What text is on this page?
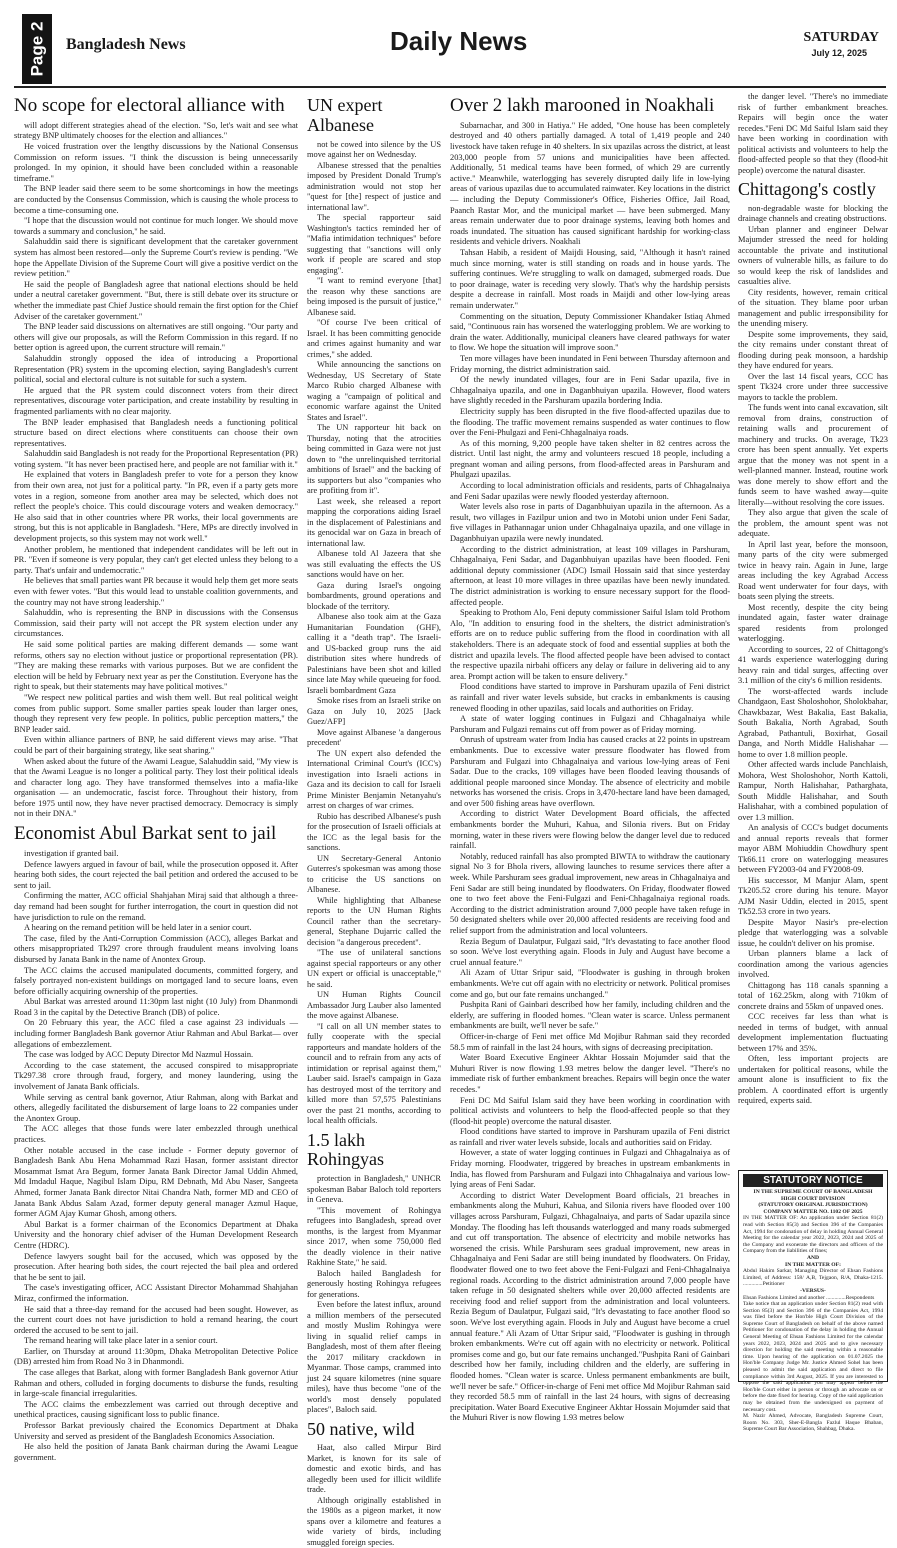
Page 2 Bangladesh News	Daily News	SATURDAY
July 12, 2025
No scope for electoral alliance with

will adopt different strategies ahead of the election. "So, let's wait and see what strategy BNP ultimately chooses for the election and alliances."

He voiced frustration over the lengthy discussions by the National Consensus Commission on reform issues. "I think the discussion is being unnecessarily prolonged. In my opinion, it should have been concluded within a reasonable timeframe."

The BNP leader said there seem to be some shortcomings in how the meetings are conducted by the Consensus Commission, which is causing the whole process to become a time-consuming one.

"I hope that the discussion would not continue for much longer. We should move towards a summary and conclusion," he said.

Salahuddin said there is significant development that the caretaker government system has almost been restored—only the Supreme Court's review is pending. "We hope the Appellate Division of the Supreme Court will give a positive verdict on the review petition."

He said the people of Bangladesh agree that national elections should be held under a neutral caretaker government. "But, there is still debate over its structure or whether the immediate past Chief Justice should remain the first option for the Chief Adviser of the caretaker government."

The BNP leader said discussions on alternatives are still ongoing. "Our party and others will give our proposals, as will the Reform Commission in this regard. If no better option is agreed upon, the current structure will remain."

Salahuddin strongly opposed the idea of introducing a Proportional Representation (PR) system in the upcoming election, saying Bangladesh's current political, social and electoral culture is not suitable for such a system.

He argued that the PR system could disconnect voters from their direct representatives, discourage voter participation, and create instability by resulting in fragmented parliaments with no clear majority.

The BNP leader emphasised that Bangladesh needs a functioning political structure based on direct elections where constituents can choose their own representatives.

Salahuddin said Bangladesh is not ready for the Proportional Representation (PR) voting system. "It has never been practised here, and people are not familiar with it."

He explained that voters in Bangladesh prefer to vote for a person they know from their own area, not just for a political party. "In PR, even if a party gets more votes in a region, someone from another area may be selected, which does not reflect the people's choice. This could discourage voters and weaken democracy." He also said that in other countries where PR works, their local governments are strong, but this is not applicable in Bangladesh. "Here, MPs are directly involved in development projects, so this system may not work well."

Another problem, he mentioned that independent candidates will be left out in PR. "Even if someone is very popular, they can't get elected unless they belong to a party. That's unfair and undemocratic."

He believes that small parties want PR because it would help them get more seats even with fewer votes. "But this would lead to unstable coalition governments, and the country may not have strong leadership."

Salahuddin, who is representing the BNP in discussions with the Consensus Commission, said their party will not accept the PR system election under any circumstances.

He said some political parties are making different demands — some want reforms, others say no election without justice or proportional representation (PR). "They are making these remarks with various purposes. But we are confident the election will be held by February next year as per the Constitution. Everyone has the right to speak, but their statements may have political motives."

"We respect new political parties and wish them well. But real political weight comes from public support. Some smaller parties speak louder than larger ones, though they represent very few people. In politics, public perception matters," the BNP leader said.

Even within alliance partners of BNP, he said different views may arise. "That could be part of their bargaining strategy, like seat sharing."

When asked about the future of the Awami League, Salahuddin said, "My view is that the Awami League is no longer a political party. They lost their political ideals and character long ago. They have transformed themselves into a mafia-like organisation — an undemocratic, fascist force. Throughout their history, from before 1975 until now, they have never practised democracy. Democracy is simply not in their DNA."

Economist Abul Barkat sent to jail

investigation if granted bail.

Defence lawyers argued in favour of bail, while the prosecution opposed it. After hearing both sides, the court rejected the bail petition and ordered the accused to be sent to jail.

Confirming the matter, ACC official Shahjahan Miraj said that although a three-day remand had been sought for further interrogation, the court in question did not have jurisdiction to rule on the remand.

A hearing on the remand petition will be held later in a senior court.

The case, filed by the Anti-Corruption Commission (ACC), alleges Barkat and others misappropriated Tk297 crore through fraudulent means involving loans disbursed by Janata Bank in the name of Anontex Group.

The ACC claims the accused manipulated documents, committed forgery, and falsely portrayed non-existent buildings on mortgaged land to secure loans, even before officially acquiring ownership of the properties.

Abul Barkat was arrested around 11:30pm last night (10 July) from Dhanmondi Road 3 in the capital by the Detective Branch (DB) of police.

On 20 February this year, the ACC filed a case against 23 individuals — including former Bangladesh Bank governor Atiur Rahman and Abul Barkat— over allegations of embezzlement.

The case was lodged by ACC Deputy Director Md Nazmul Hossain.

According to the case statement, the accused conspired to misappropriate Tk297.38 crore through fraud, forgery, and money laundering, using the involvement of Janata Bank officials.

While serving as central bank governor, Atiur Rahman, along with Barkat and others, allegedly facilitated the disbursement of large loans to 22 companies under the Anontex Group.

The ACC alleges that those funds were later embezzled through unethical practices.

Other notable accused in the case include - Former deputy governor of Bangladesh Bank Abu Hena Mohammad Razi Hasan, former assistant director Mosammat Ismat Ara Begum, former Janata Bank Director Jamal Uddin Ahmed, Md Imdadul Haque, Nagibul Islam Dipu, RM Debnath, Md Abu Naser, Sangeeta Ahmed, former Janata Bank director Nitai Chandra Nath, former MD and CEO of Janata Bank Abdus Salam Azad, former deputy general manager Azmul Haque, former AGM Ajay Kumar Ghosh, among others.

Abul Barkat is a former chairman of the Economics Department at Dhaka University and the honorary chief adviser of the Human Development Research Centre (HDRC).

Defence lawyers sought bail for the accused, which was opposed by the prosecution. After hearing both sides, the court rejected the bail plea and ordered that he be sent to jail.

The case's investigating officer, ACC Assistant Director Mohammad Shahjahan Miraz, confirmed the information.

He said that a three-day remand for the accused had been sought. However, as the current court does not have jurisdiction to hold a remand hearing, the court ordered the accused to be sent to jail.

The remand hearing will take place later in a senior court.

Earlier, on Thursday at around 11:30pm, Dhaka Metropolitan Detective Police (DB) arrested him from Road No 3 in Dhanmondi.

The case alleges that Barkat, along with former Bangladesh Bank governor Atiur Rahman and others, colluded in forging documents to disburse the funds, resulting in large-scale financial irregularities.

The ACC claims the embezzlement was carried out through deceptive and unethical practices, causing significant loss to public finance.

Professor Barkat previously chaired the Economics Department at Dhaka University and served as president of the Bangladesh Economics Association.

He also held the position of Janata Bank chairman during the Awami League government.

UN expert Albanese

not be cowed into silence by the US move against her on Wednesday.

Albanese stressed that the penalties imposed by President Donald Trump's administration would not stop her "quest for [the] respect of justice and international law".

The special rapporteur said Washington's tactics reminded her of "Mafia intimidation techniques" before suggesting that "sanctions will only work if people are scared and stop engaging".

"I want to remind everyone [that] the reason why these sanctions are being imposed is the pursuit of justice," Albanese said.

"Of course I've been critical of Israel. It has been committing genocide and crimes against humanity and war crimes," she added.

While announcing the sanctions on Wednesday, US Secretary of State Marco Rubio charged Albanese with waging a "campaign of political and economic warfare against the United States and Israel".

The UN rapporteur hit back on Thursday, noting that the atrocities being committed in Gaza were not just down to "the unrelinquished territorial ambitions of Israel" and the backing of its supporters but also "companies who are profiting from it".

Last week, she released a report mapping the corporations aiding Israel in the displacement of Palestinians and its genocidal war on Gaza in breach of international law.

Albanese told Al Jazeera that she was still evaluating the effects the US sanctions would have on her.

Gaza during Israel's ongoing bombardments, ground operations and blockade of the territory.

Albanese also took aim at the Gaza Humanitarian Foundation (GHF), calling it a "death trap". The Israeli- and US-backed group runs the aid distribution sites where hundreds of Palestinians have been shot and killed since late May while queueing for food. Israeli bombardment Gaza

Smoke rises from an Israeli strike on Gaza on July 10, 2025 [Jack Guez/AFP]

Move against Albanese 'a dangerous precedent'

The UN expert also defended the International Criminal Court's (ICC's) investigation into Israeli actions in Gaza and its decision to call for Israeli Prime Minister Benjamin Netanyahu's arrest on charges of war crimes.

Rubio has described Albanese's push for the prosecution of Israeli officials at the ICC as the legal basis for the sanctions.

UN Secretary-General Antonio Guterres's spokesman was among those to criticise the US sanctions on Albanese.

While highlighting that Albanese reports to the UN Human Rights Council rather than the secretary-general, Stephane Dujarric called the decision "a dangerous precedent".

"The use of unilateral sanctions against special rapporteurs or any other UN expert or official is unacceptable," he said.

UN Human Rights Council Ambassador Jurg Lauber also lamented the move against Albanese.

"I call on all UN member states to fully cooperate with the special rapporteurs and mandate holders of the council and to refrain from any acts of intimidation or reprisal against them," Lauber said. Israel's campaign in Gaza has destroyed most of the territory and killed more than 57,575 Palestinians over the past 21 months, according to local health officials.

1.5 lakh Rohingyas

protection in Bangladesh," UNHCR spokesman Babar Baloch told reporters in Geneva.

"This movement of Rohingya refugees into Bangladesh, spread over months, is the largest from Myanmar since 2017, when some 750,000 fled the deadly violence in their native Rakhine State," he said.

Baloch hailed Bangladesh for generously hosting Rohingya refugees for generations.

Even before the latest influx, around a million members of the persecuted and mostly Muslim Rohingya were living in squalid relief camps in Bangladesh, most of them after fleeing the 2017 military crackdown in Myanmar. Those camps, crammed into just 24 square kilometres (nine square miles), have thus become "one of the world's most densely populated places", Baloch said.

50 native, wild

Haat, also called Mirpur Bird Market, is known for its sale of domestic and exotic birds, and has allegedly been used for illicit wildlife trade.

Although originally established in the 1980s as a pigeon market, it now spans over a kilometre and features a wide variety of birds, including smuggled foreign species.

Over 2 lakh marooned in Noakhali

Subarnachar, and 300 in Hatiya." He added, "One house has been completely destroyed and 40 others partially damaged. A total of 1,419 people and 240 livestock have taken refuge in 40 shelters. In six upazilas across the district, at least 203,000 people from 57 unions and municipalities have been affected. Additionally, 51 medical teams have been formed, of which 29 are currently active." Meanwhile, waterlogging has severely disrupted daily life in low-lying areas of various upazilas due to accumulated rainwater. Key locations in the district — including the Deputy Commissioner's Office, Fisheries Office, Jail Road, Paanch Rastar Mor, and the municipal market — have been submerged. Many areas remain underwater due to poor drainage systems, leaving both homes and roads inundated. The situation has caused significant hardship for working-class residents and vehicle drivers. Noakhali

Tahsan Habib, a resident of Maijdi Housing, said, "Although it hasn't rained much since morning, water is still standing on roads and in house yards. The suffering continues. We're struggling to walk on damaged, submerged roads. Due to poor drainage, water is receding very slowly. That's why the hardship persists despite a decrease in rainfall. Most roads in Maijdi and other low-lying areas remain underwater."

Commenting on the situation, Deputy Commissioner Khandaker Istiaq Ahmed said, "Continuous rain has worsened the waterlogging problem. We are working to drain the water. Additionally, municipal cleaners have cleared pathways for water to flow. We hope the situation will improve soon."

Ten more villages have been inundated in Feni between Thursday afternoon and Friday morning, the district administration said.

Of the newly inundated villages, four are in Feni Sadar upazila, five in Chhagalnaiya upazila, and one in Daganbhuiyan upazila. However, flood waters have slightly receded in the Parshuram upazila bordering India.

Electricity supply has been disrupted in the five flood-affected upazilas due to the flooding. The traffic movement remains suspended as water continues to flow over the Feni-Phulgazi and Feni-Chhagalnaiya roads.

As of this morning, 9,200 people have taken shelter in 82 centres across the district. Until last night, the army and volunteers rescued 18 people, including a pregnant woman and ailing persons, from flood-affected areas in Parshuram and Phulgazi upazilas.

According to local administration officials and residents, parts of Chhagalnaiya and Feni Sadar upazilas were newly flooded yesterday afternoon.

Water levels also rose in parts of Daganbhuiyan upazila in the afternoon. As a result, two villages in Fazilpur union and two in Motobi union under Feni Sadar, five villages in Pathannagar union under Chhagalnaiya upazila, and one village in Daganbhuiyan upazila were newly inundated.

According to the district administration, at least 109 villages in Parshuram, Chhagalnaiya, Feni Sadar, and Daganbhuiyan upazilas have been flooded. Feni additional deputy commissioner (ADC) Ismail Hossain said that since yesterday afternoon, at least 10 more villages in three upazilas have been newly inundated. The district administration is working to ensure necessary support for the flood-affected people.

Speaking to Prothom Alo, Feni deputy commissioner Saiful Islam told Prothom Alo, "In addition to ensuring food in the shelters, the district administration's efforts are on to reduce public suffering from the flood in coordination with all stakeholders. There is an adequate stock of food and essential supplies at both the district and upazila levels. The flood affected people have been advised to contact the respective upazila nirbahi officers any delay or failure in delivering aid to any area. Prompt action will be taken to ensure delivery."

Flood conditions have started to improve in Parshuram upazila of Feni district as rainfall and river water levels subside, but cracks in embankments is causing renewed flooding in other upazilas, said locals and authorities on Friday.

A state of water logging continues in Fulgazi and Chhagalnaiya while Parshuram and Fulgazi remains cut off from power as of Friday morning.

Onrush of upstream water from India has caused cracks at 22 points in upstream embankments. Due to excessive water pressure floodwater has flowed from Parshuram and Fulgazi into Chhagalnaiya and various low-lying areas of Feni Sadar. Due to the cracks, 109 villages have been flooded leaving thousands of additional people marooned since Monday. The absence of electricity and mobile networks has worsened the crisis. Crops in 3,470-hectare land have been damaged, and over 500 fishing areas have overflown.

According to district Water Development Board officials, the affected embankments border the Muhuri, Kahua, and Silonia rivers. But on Friday morning, water in these rivers were flowing below the danger level due to reduced rainfall.

Notably, reduced rainfall has also prompted BIWTA to withdraw the cautionary signal No 3 for Bhola rivers, allowing launches to resume services there after a week. While Parshuram sees gradual improvement, new areas in Chhagalnaiya and Feni Sadar are still being inundated by floodwaters. On Friday, floodwater flowed one to two feet above the Feni-Fulgazi and Feni-Chhagalnaiya regional roads. According to the district administration around 7,000 people have taken refuge in 50 designated shelters while over 20,000 affected residents are receiving food and relief support from the administration and local volunteers.

Rezia Begum of Daulatpur, Fulgazi said, "It's devastating to face another flood so soon. We've lost everything again. Floods in July and August have become a cruel annual feature."

Ali Azam of Uttar Sripur said, "Floodwater is gushing in through broken embankments. We're cut off again with no electricity or network. Political promises come and go, but our fate remains unchanged."

Pushpita Rani of Gainbari described how her family, including children and the elderly, are suffering in flooded homes. "Clean water is scarce. Unless permanent embankments are built, we'll never be safe."

Officer-in-charge of Feni met office Md Mojibur Rahman said they recorded 58.5 mm of rainfall in the last 24 hours, with signs of decreasing precipitation.

Water Board Executive Engineer Akhtar Hossain Mojumder said that the Muhuri River is now flowing 1.93 metres below the danger level. "There's no immediate risk of further embankment breaches. Repairs will begin once the water recedes."

Feni DC Md Saiful Islam said they have been working in coordination with political activists and volunteers to help the flood-affected people so that they (flood-hit people) overcome the natural disaster.

Flood conditions have started to improve in Parshuram upazila of Feni district as rainfall and river water levels subside, locals and authorities said on Friday.

However, a state of water logging continues in Fulgazi and Chhagalnaiya as of Friday morning. Floodwater, triggered by breaches in upstream embankments in India, has flowed from Parshuram and Fulgazi into Chhagalnaiya and various low-lying areas of Feni Sadar.

According to district Water Development Board officials, 21 breaches in embankments along the Muhuri, Kahua, and Silonia rivers have flooded over 100 villages across Parshuram, Fulgazi, Chhagalnaiya, and parts of Sadar upazila since Monday. The flooding has left thousands waterlogged and many roads submerged and cut off transportation. The absence of electricity and mobile networks has worsened the crisis. While Parshuram sees gradual improvement, new areas in Chhagalnaiya and Feni Sadar are still being inundated by floodwaters. On Friday, floodwater flowed one to two feet above the Feni-Fulgazi and Feni-Chhagalnaiya regional roads. According to the district administration around 7,000 people have taken refuge in 50 designated shelters while over 20,000 affected residents are receiving food and relief support from the administration and local volunteers. Rezia Begum of Daulatpur, Fulgazi said, "It's devastating to face another flood so soon. We've lost everything again. Floods in July and August have become a cruel annual feature." Ali Azam of Uttar Sripur said, "Floodwater is gushing in through broken embankments. We're cut off again with no electricity or network. Political promises come and go, but our fate remains unchanged."Pushpita Rani of Gainbari described how her family, including children and the elderly, are suffering in flooded homes. "Clean water is scarce. Unless permanent embankments are built, we'll never be safe." Officer-in-charge of Feni met office Md Mojibur Rahman said they recorded 58.5 mm of rainfall in the last 24 hours, with signs of decreasing precipitation. Water Board Executive Engineer Akhtar Hossain Mojumder said that the Muhuri River is now flowing 1.93 metres below

the danger level. "There's no immediate risk of further embankment breaches. Repairs will begin once the water recedes."Feni DC Md Saiful Islam said they have been working in coordination with political activists and volunteers to help the flood-affected people so that they (flood-hit people) overcome the natural disaster.

Chittagong's costly

non-degradable waste for blocking the drainage channels and creating obstructions.

Urban planner and engineer Delwar Majumder stressed the need for holding accountable the private and institutional owners of vulnerable hills, as failure to do so would keep the risk of landslides and casualties alive.

City residents, however, remain critical of the situation. They blame poor urban management and public irresponsibility for the unending misery.

Despite some improvements, they said, the city remains under constant threat of flooding during peak monsoon, a hardship they have endured for years.

Over the last 14 fiscal years, CCC has spent Tk324 crore under three successive mayors to tackle the problem.

The funds went into canal excavation, silt removal from drains, construction of retaining walls and procurement of machinery and trucks. On average, Tk23 crore has been spent annually. Yet experts argue that the money was not spent in a well-planned manner. Instead, routine work was done merely to show effort and the funds seem to have washed away—quite literally—without resolving the core issues.

They also argue that given the scale of the problem, the amount spent was not adequate.

In April last year, before the monsoon, many parts of the city were submerged twice in heavy rain. Again in June, large areas including the key Agrabad Access Road went underwater for four days, with boats seen plying the streets.

Most recently, despite the city being inundated again, faster water drainage spared residents from prolonged waterlogging.

According to sources, 22 of Chittagong's 41 wards experience waterlogging during heavy rain and tidal surges, affecting over 3.1 million of the city's 6 million residents.

The worst-affected wards include Chandgaon, East Sholoshohor, Sholokbahar, Chawkbazar, West Bakalia, East Bakalia, South Bakalia, North Agrabad, South Agrabad, Pathantuli, Boxirhat, Gosail Danga, and North Middle Halishahar — home to over 1.8 million people.

Other affected wards include Panchlaish, Mohora, West Sholoshohor, North Kattoli, Rampur, North Halishahar, Patharghata, South Middle Halishahar, and South Halishahar, with a combined population of over 1.3 million.

An analysis of CCC's budget documents and annual reports reveals that former mayor ABM Mohiuddin Chowdhury spent Tk66.11 crore on waterlogging measures between FY2003-04 and FY2008-09.

His successor, M Manjur Alam, spent Tk205.52 crore during his tenure. Mayor AJM Nasir Uddin, elected in 2015, spent Tk52.53 crore in two years.

Despite Mayor Nasir's pre-election pledge that waterlogging was a solvable issue, he couldn't deliver on his promise.

Urban planners blame a lack of coordination among the various agencies involved.

Chittagong has 118 canals spanning a total of 162.25km, along with 710km of concrete drains and 55km of unpaved ones.

CCC receives far less than what is needed in terms of budget, with annual development implementation fluctuating between 17% and 35%.

Often, less important projects are undertaken for political reasons, while the amount alone is insufficient to fix the problem. A coordinated effort is urgently required, experts said.

STATUTORY NOTICE
IN THE SUPREME COURT OF BANGLADESH
HIGH COURT DIVISION
(STATUTORY ORIGINAL JURISDICTION)
COMPANY MATTER NO. 1102 OF 2025
IN THE MATTER OF: An application under Section 81(2) read with Section 85(3) and Section 396 of the Companies Act, 1994 for condonation of delay in holding Annual General Meeting for the calendar year 2022, 2023, 2024 and 2025 of the Company and exonerate the directors and officers of the Company from the liabilities of fines;
AND
IN THE MATTER OF:
Abdul Hakim Sarkar, Managing Director of Ehsan Fashions Limited, of Address: 158/ A,B, Tejgaon, R/A, Dhaka-1215. ..............Petitioner
-VERSUS-
Ehsan Fashions Limited and another ..............Respondents
Take notice that an application under Section 81(2) read with Section 85(3) and Section 396 of the Companies Act, 1994 was filed before the Hon'ble High Court Division of the Supreme Court of Bangladesh on behalf of the above named Petitioner for condonation of the delay in holding the Annual General Meeting of Ehsan Fashions Limited for the calendar years 2022, 2023, 2024 and 2025 and to give necessary direction for holding the said meeting within a reasonable time. Upon hearing of the application on 01.07.2025 the Hon'ble Company Judge Mr. Justice Ahmed Sohel has been pleased to admit the said application and direct to file compliance within 3rd August, 2025. If you are interested to oppose the said application you may appear before the Hon'ble Court either in person or through an advocate on or before the date fixed for hearing. Copy of the said application may be obtained from the undersigned on payment of necessary cost.
M. Nazir Ahmed, Advocate, Bangladesh Supreme Court, Room No. 303, Sher-E-Bangla Fazlul Haque Bhaban, Supreme Court Bar Association, Shahbag, Dhaka.
